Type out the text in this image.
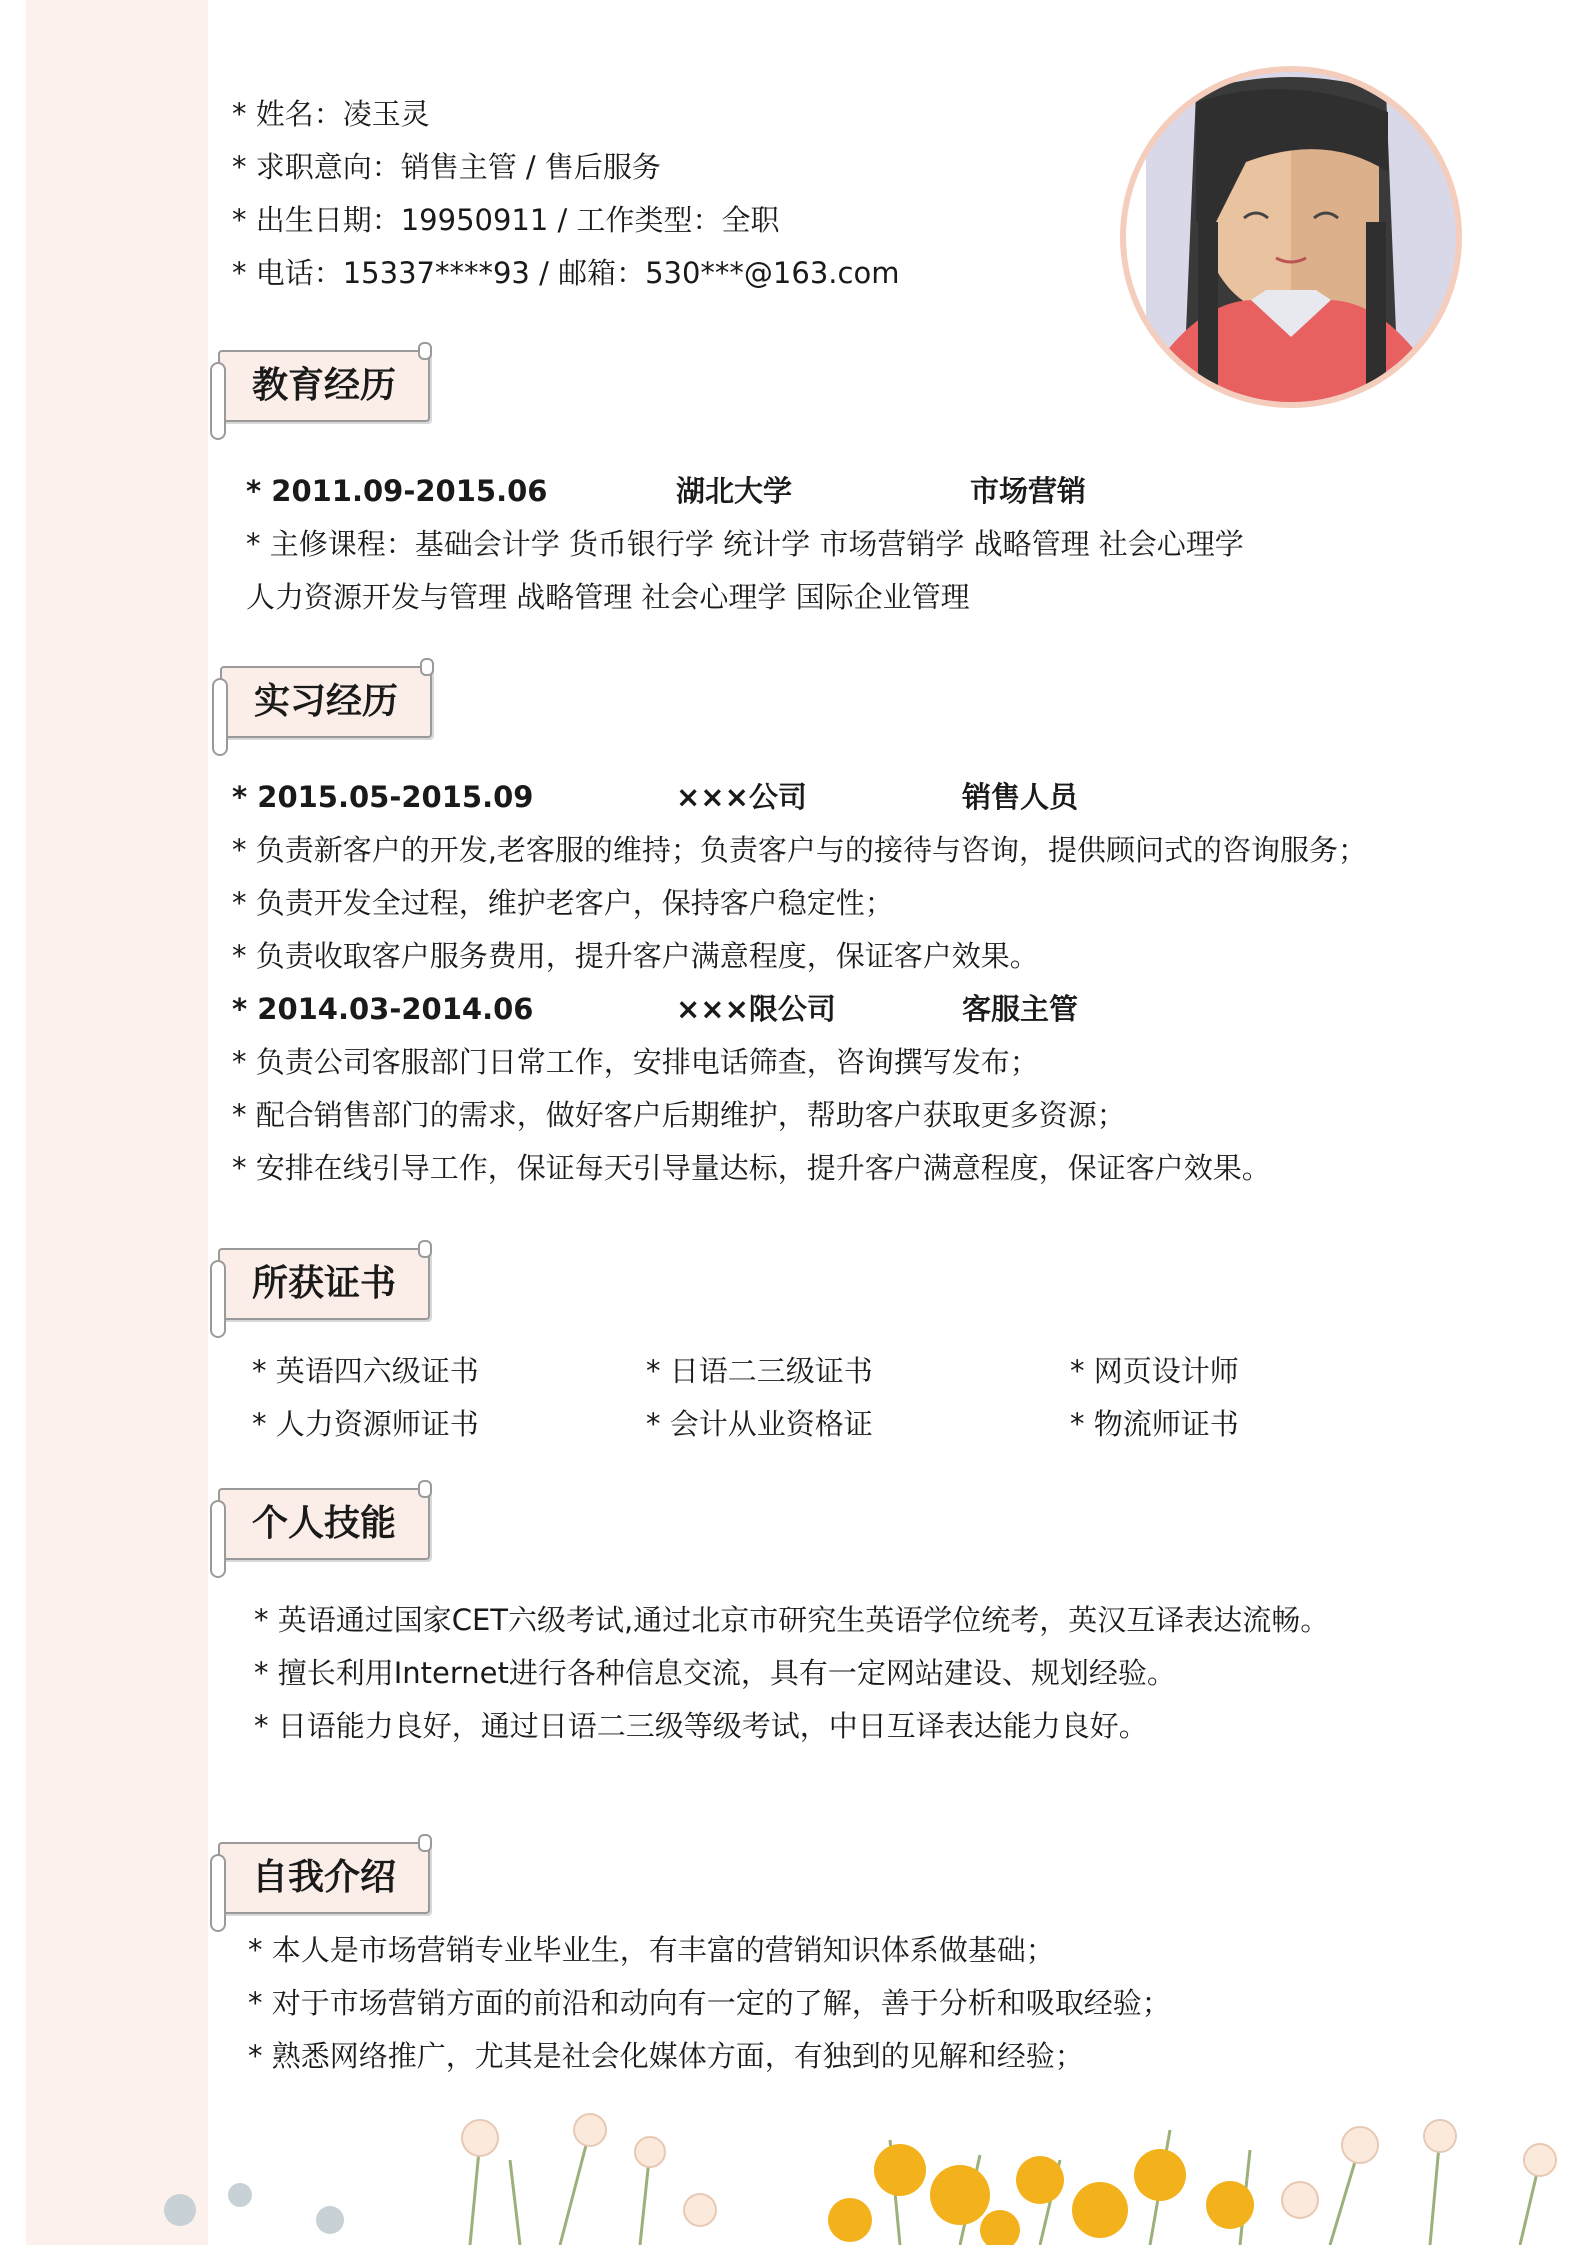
* 姓名：凌玉灵
* 求职意向：销售主管 / 售后服务
* 出生日期：19950911 / 工作类型：全职
* 电话：15337****93 / 邮箱：530***@163.com
教育经历
* 2011.09-2015.06	湖北大学	市场营销
* 主修课程：基础会计学 货币银行学 统计学 市场营销学 战略管理 社会心理学
人力资源开发与管理 战略管理 社会心理学 国际企业管理
实习经历
* 2015.05-2015.09	×××公司	销售人员
* 负责新客户的开发,老客服的维持；负责客户与的接待与咨询，提供顾问式的咨询服务；
* 负责开发全过程，维护老客户，保持客户稳定性；
* 负责收取客户服务费用，提升客户满意程度，保证客户效果。
* 2014.03-2014.06	×××限公司	客服主管
* 负责公司客服部门日常工作，安排电话筛查，咨询撰写发布；
* 配合销售部门的需求，做好客户后期维护，帮助客户获取更多资源；
* 安排在线引导工作，保证每天引导量达标，提升客户满意程度，保证客户效果。
所获证书
* 英语四六级证书	* 日语二三级证书	* 网页设计师
* 人力资源师证书	* 会计从业资格证	* 物流师证书
个人技能
* 英语通过国家CET六级考试,通过北京市研究生英语学位统考，英汉互译表达流畅。
* 擅长利用Internet进行各种信息交流，具有一定网站建设、规划经验。
* 日语能力良好，通过日语二三级等级考试，中日互译表达能力良好。
自我介绍
* 本人是市场营销专业毕业生，有丰富的营销知识体系做基础；
* 对于市场营销方面的前沿和动向有一定的了解，善于分析和吸取经验；
* 熟悉网络推广，尤其是社会化媒体方面，有独到的见解和经验；
